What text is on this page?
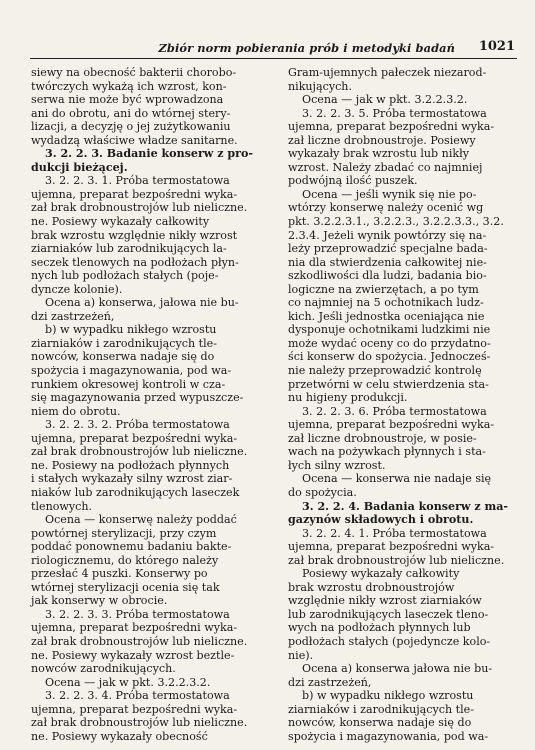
Zbiór norm pobierania prób i metodyki badań 1021
siewy na obecność bakterii chorobo-
twórczych wykażą ich wzrost, kon-
serwa nie może być wprowadzona
ani do obrotu, ani do wtórnej stery-
lizacji, a decyzję o jej zużytkowaniu
wydadzą właściwe władze sanitarne.
3. 2. 2. 3. Badanie konserw z pro-
dukcji bieżącej.
3. 2. 2. 3. 1. Próba termostatowa
ujemna, preparat bezpośredni wyka-
zał brak drobnoustrojów lub nieliczne.
ne. Posiewy wykazały całkowity
brak wzrostu względnie nikły wzrost
ziarniaków lub zarodnikujących la-
seczek tlenowych na podłożach płyn-
nych lub podłożach stałych (poje-
dyncze kolonie).
Ocena a) konserwa, jałowa nie bu-
dzi zastrzeżeń,
b) w wypadku nikłego wzrostu
ziarniaków i zarodnikujących tle-
nowców, konserwa nadaje się do
spożycia i magazynowania, pod wa-
runkiem okresowej kontroli w cza-
się magazynowania przed wypuszcze-
niem do obrotu.
3. 2. 2. 3. 2. Próba termostatowa
ujemna, preparat bezpośredni wyka-
zał brak drobnoustrojów lub nieliczne.
ne. Posiewy na podłożach płynnych
i stałych wykazały silny wzrost ziar-
niaków lub zarodnikujących laseczek
tlenowych.
Ocena — konserwę należy poddać
powtórnej sterylizacji, przy czym
poddać ponownemu badaniu bakte-
riologicznemu, do którego należy
przesłać 4 puszki. Konserwy po
wtórnej sterylizacji ocenia się tak
jak konserwy w obrocie.
3. 2. 2. 3. 3. Próba termostatowa
ujemna, preparat bezpośredni wyka-
zał brak drobnoustrojów lub nieliczne.
ne. Posiewy wykazały wzrost beztle-
nowców zarodnikujących.
Ocena — jak w pkt. 3.2.2.3.2.
3. 2. 2. 3. 4. Próba termostatowa
ujemna, preparat bezpośredni wyka-
zał brak drobnoustrojów lub nieliczne.
ne. Posiewy wykazały obecność
Gram-ujemnych pałeczek niezarod-
nikujących.
Ocena — jak w pkt. 3.2.2.3.2.
3. 2. 2. 3. 5. Próba termostatowa
ujemna, preparat bezpośredni wyka-
zał liczne drobnoustroje. Posiewy
wykazały brak wzrostu lub nikły
wzrost. Należy zbadać co najmniej
podwójną ilość puszek.
Ocena — jeśli wynik się nie po-
wtórzy konserwę należy ocenić wg
pkt. 3.2.2.3.1., 3.2.2.3., 3.2.2.3.3., 3.2.
2.3.4. Jeżeli wynik powtórzy się na-
leży przeprowadzić specjalne bada-
nia dla stwierdzenia całkowitej nie-
szkodliwości dla ludzi, badania bio-
logiczne na zwierzętach, a po tym
co najmniej na 5 ochotnikach ludz-
kich. Jeśli jednostka oceniająca nie
dysponuje ochotnikami ludzkimi nie
może wydać oceny co do przydatno-
ści konserw do spożycia. Jednocześ-
nie należy przeprowadzić kontrolę
przetwórni w celu stwierdzenia sta-
nu higieny produkcji.
3. 2. 2. 3. 6. Próba termostatowa
ujemna, preparat bezpośredni wyka-
zał liczne drobnoustroje, w posie-
wach na pożywkach płynnych i sta-
łych silny wzrost.
Ocena — konserwa nie nadaje się
do spożycia.
3. 2. 2. 4. Badania konserw z ma-
gazynów składowych i obrotu.
3. 2. 2. 4. 1. Próba termostatowa
ujemna, preparat bezpośredni wyka-
zał brak drobnoustrojów lub nieliczne.
Posiewy wykazały całkowity
brak wzrostu drobnoustrojów
względnie nikły wzrost ziarniaków
lub zarodnikujących laseczek tleno-
wych na podłożach płynnych lub
podłożach stałych (pojedyncze kolo-
nie).
Ocena a) konserwa jałowa nie bu-
dzi zastrzeżeń,
b) w wypadku nikłego wzrostu
ziarniaków i zarodnikujących tle-
nowców, konserwa nadaje się do
spożycia i magazynowania, pod wa-
